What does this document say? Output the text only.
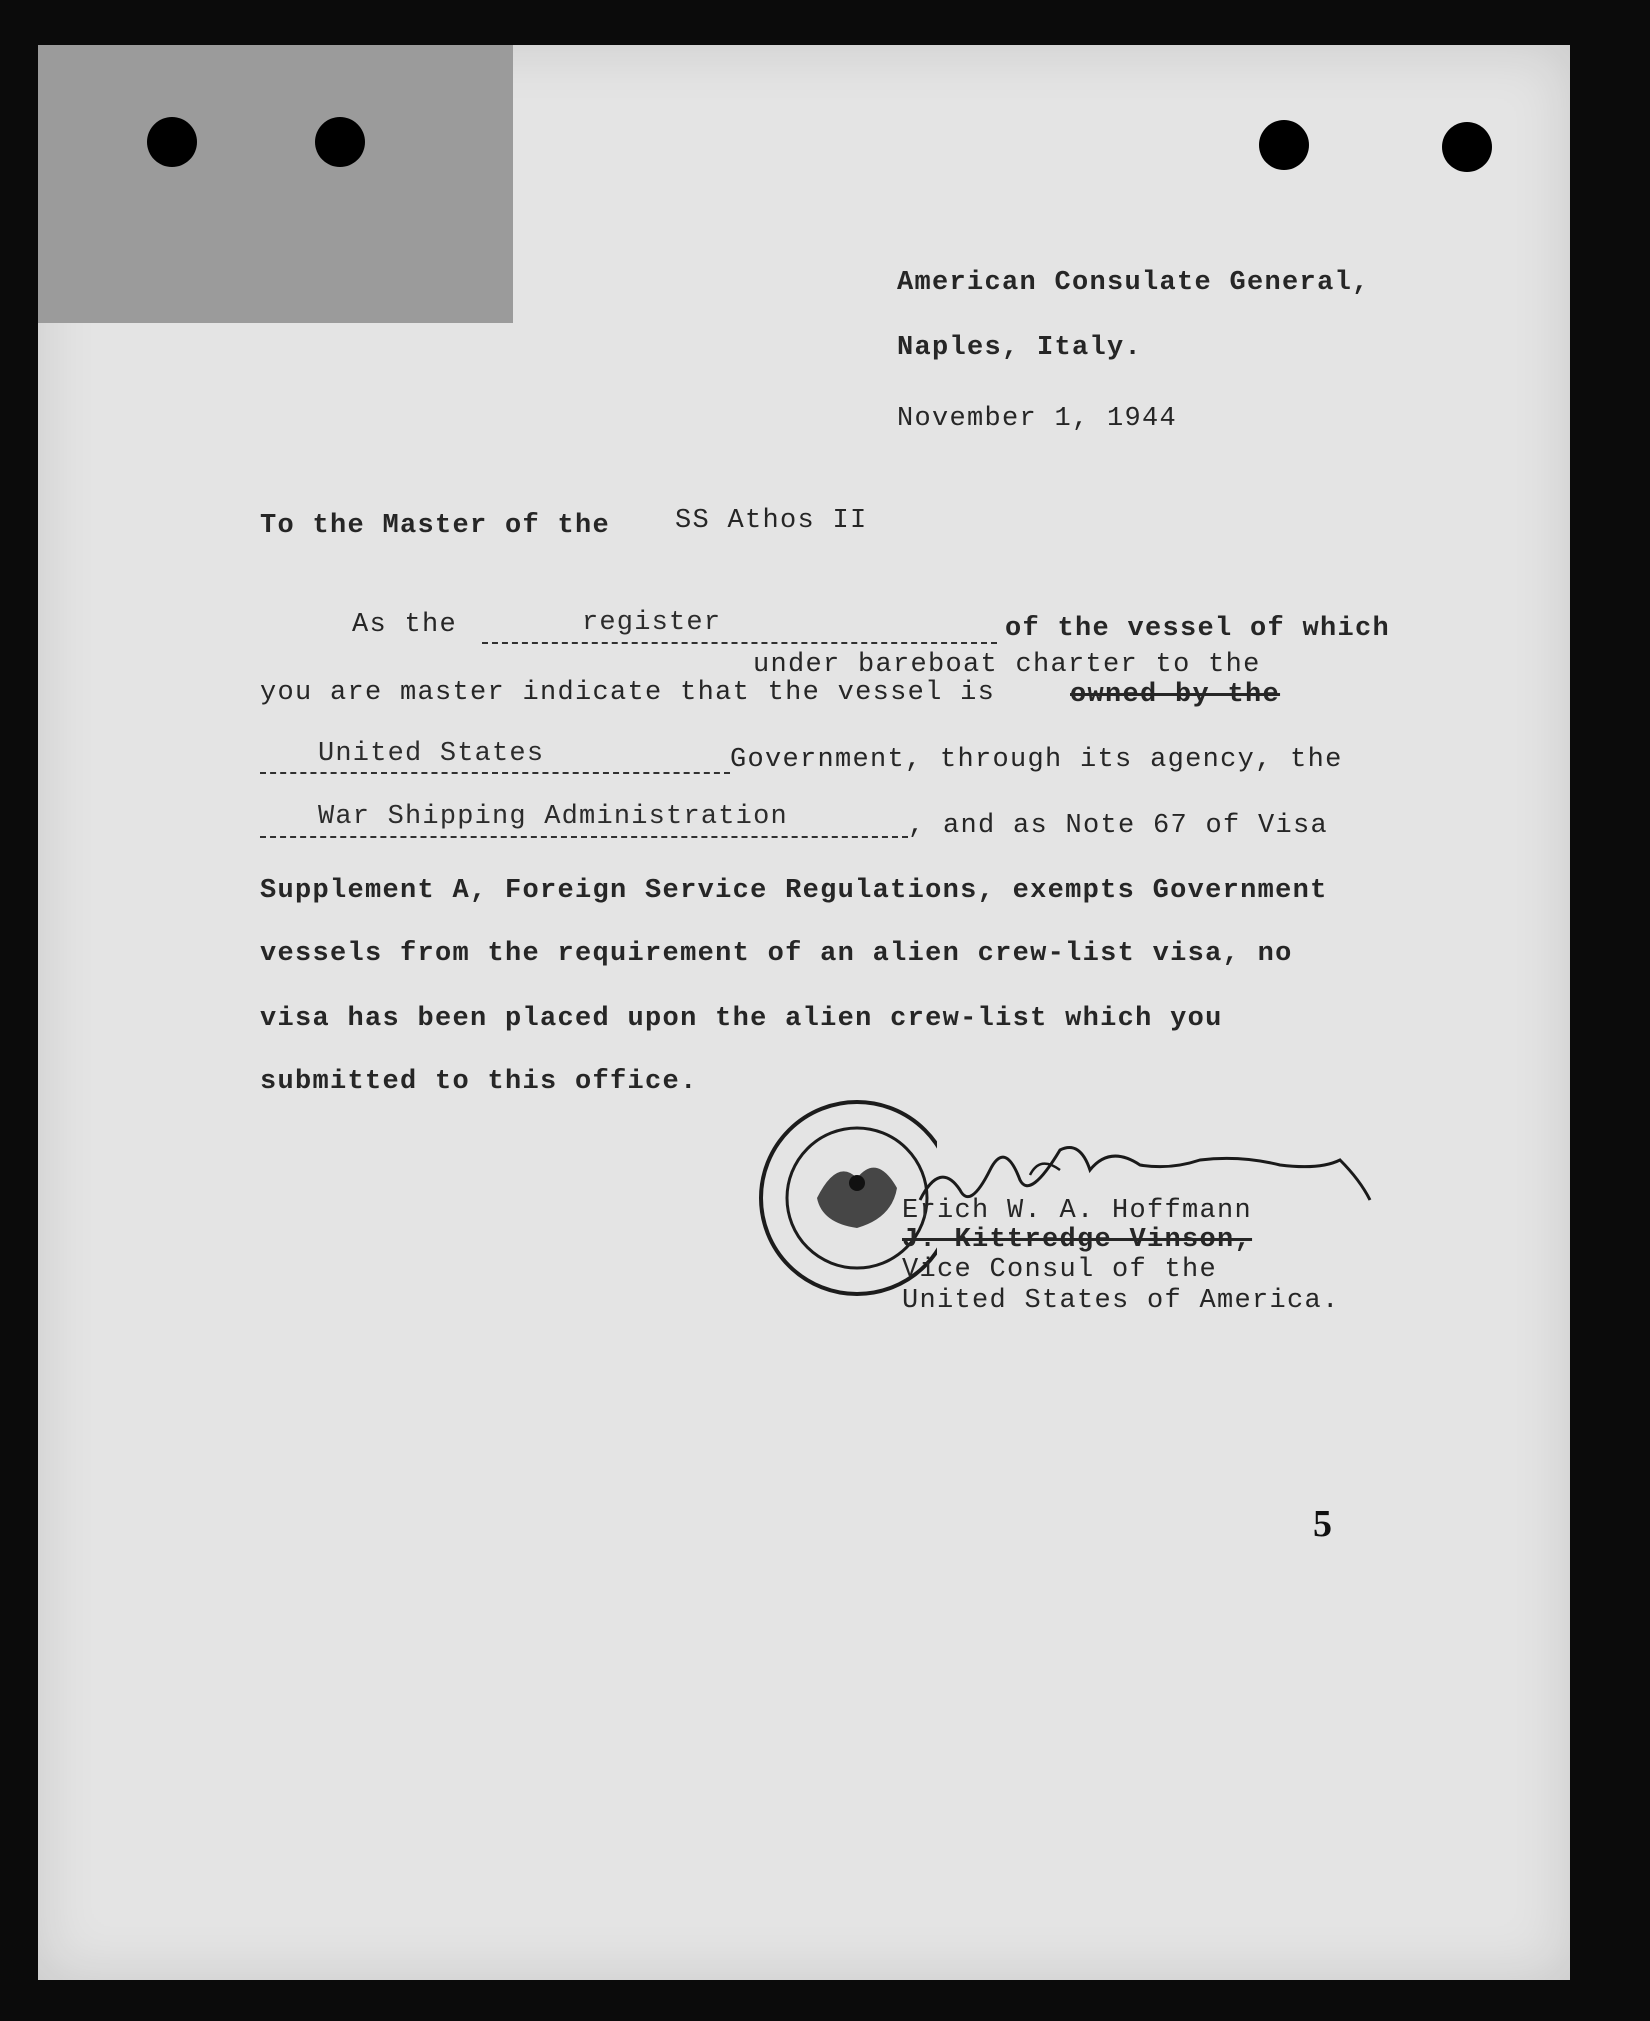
American Consulate General,
Naples, Italy.
November 1, 1944
To the Master of the SS Athos II
As the	register	of the vessel of which
under bareboat charter to the
you are master indicate that the vessel is	owned by the
United States	Government, through its agency, the
War Shipping Administration	, and as Note 67 of Visa
Supplement A, Foreign Service Regulations, exempts Government
vessels from the requirement of an alien crew-list visa, no
visa has been placed upon the alien crew-list which you
submitted to this office.
Erich W. A. Hoffmann
J. Kittredge Vinson,
Vice Consul of the
United States of America.
5
